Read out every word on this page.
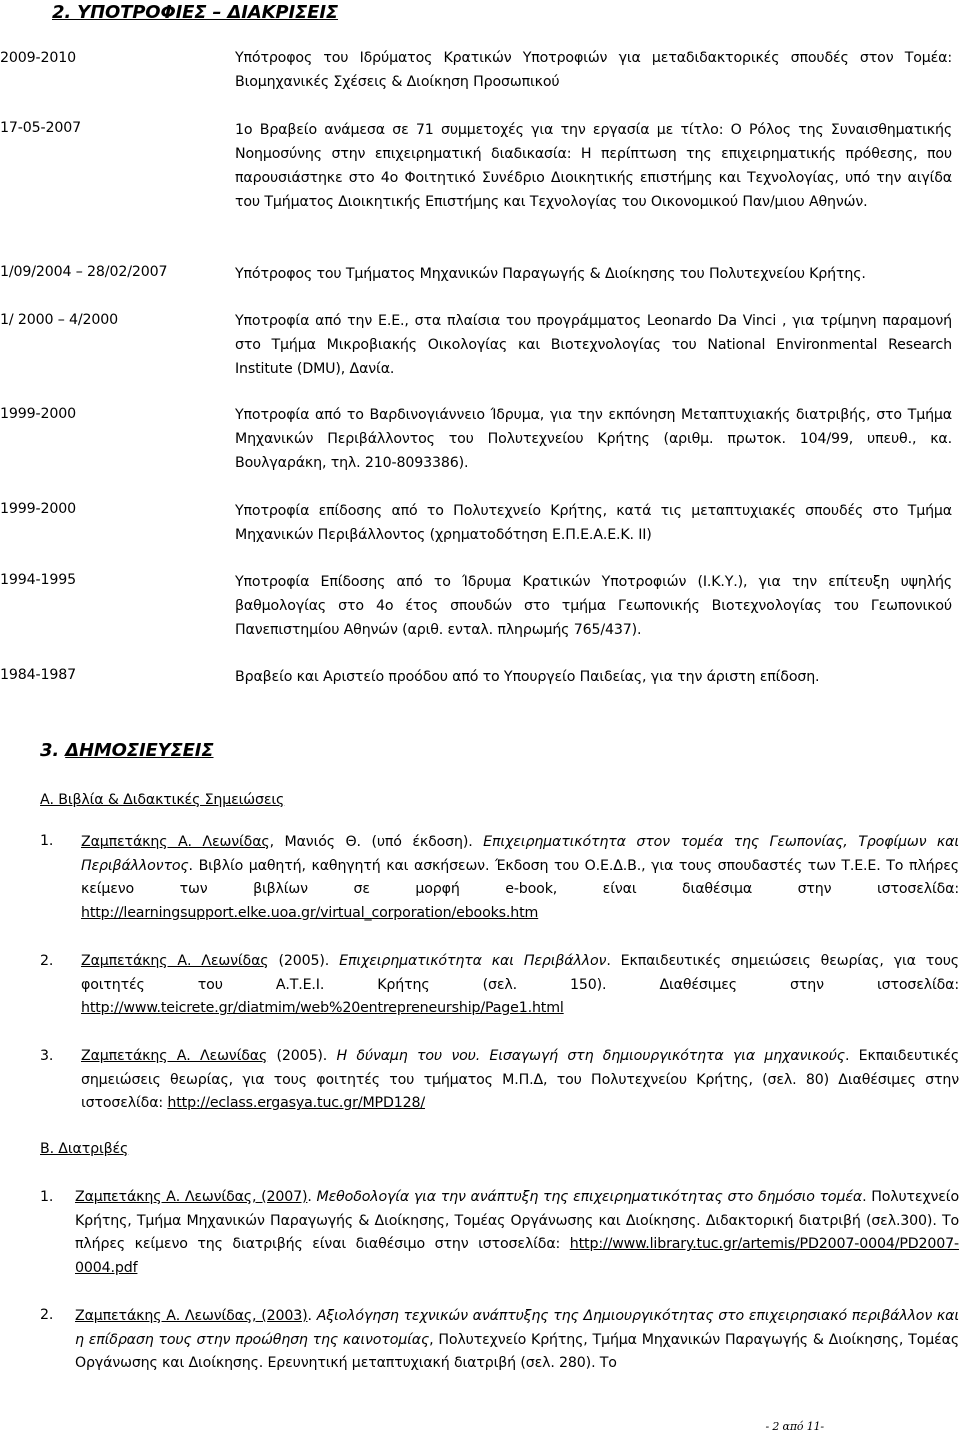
2. ΥΠΟΤΡΟΦΙΕΣ – ΔΙΑΚΡΙΣΕΙΣ
2009-2010	Υπότροφος του Ιδρύματος Κρατικών Υποτροφιών για μεταδιδακτορικές σπουδές στον Τομέα: Βιομηχανικές Σχέσεις & Διοίκηση Προσωπικού
17-05-2007	1ο Βραβείο ανάμεσα σε 71 συμμετοχές για την εργασία με τίτλο: Ο Ρόλος της Συναισθηματικής Νοημοσύνης στην επιχειρηματική διαδικασία: Η περίπτωση της επιχειρηματικής πρόθεσης, που παρουσιάστηκε στο 4ο Φοιτητικό Συνέδριο Διοικητικής επιστήμης και Τεχνολογίας, υπό την αιγίδα του Τμήματος Διοικητικής Επιστήμης και Τεχνολογίας του Οικονομικού Παν/μιου Αθηνών.
1/09/2004 – 28/02/2007	Υπότροφος του Τμήματος Μηχανικών Παραγωγής & Διοίκησης του Πολυτεχνείου Κρήτης.
1/ 2000 – 4/2000	Υποτροφία από την Ε.Ε., στα πλαίσια του προγράμματος Leonardo Da Vinci , για τρίμηνη παραμονή στο Τμήμα Μικροβιακής Οικολογίας και Βιοτεχνολογίας του National Environmental Research Institute (DMU), Δανία.
1999-2000	Υποτροφία από το Βαρδινογιάννειο Ίδρυμα, για την εκπόνηση Μεταπτυχιακής διατριβής, στο Τμήμα Μηχανικών Περιβάλλοντος του Πολυτεχνείου Κρήτης (αριθμ. πρωτοκ. 104/99, υπευθ., κα. Βουλγαράκη, τηλ. 210-8093386).
1999-2000	Υποτροφία επίδοσης από το Πολυτεχνείο Κρήτης, κατά τις μεταπτυχιακές σπουδές στο Τμήμα Μηχανικών Περιβάλλοντος (χρηματοδότηση Ε.Π.Ε.Α.Ε.Κ. ΙΙ)
1994-1995	Υποτροφία Επίδοσης από το Ίδρυμα Κρατικών Υποτροφιών (Ι.Κ.Υ.), για την επίτευξη υψηλής βαθμολογίας στο 4ο έτος σπουδών στο τμήμα Γεωπονικής Βιοτεχνολογίας του Γεωπονικού Πανεπιστημίου Αθηνών (αριθ. ενταλ. πληρωμής 765/437).
1984-1987	Βραβείο και Αριστείο προόδου από το Υπουργείο Παιδείας, για την άριστη επίδοση.
3. ΔΗΜΟΣΙΕΥΣΕΙΣ
Α. Βιβλία & Διδακτικές Σημειώσεις
1. Ζαμπετάκης Α. Λεωνίδας, Μανιός Θ. (υπό έκδοση). Επιχειρηματικότητα στον τομέα της Γεωπονίας, Τροφίμων και Περιβάλλοντος. Βιβλίο μαθητή, καθηγητή και ασκήσεων. Έκδοση του Ο.Ε.Δ.Β., για τους σπουδαστές των Τ.Ε.Ε. Το πλήρες κείμενο των βιβλίων σε μορφή e-book, είναι διαθέσιμα στην ιστοσελίδα: http://learningsupport.elke.uoa.gr/virtual_corporation/ebooks.htm
2. Ζαμπετάκης Α. Λεωνίδας (2005). Επιχειρηματικότητα και Περιβάλλον. Εκπαιδευτικές σημειώσεις θεωρίας, για τους φοιτητές του Α.Τ.Ε.Ι. Κρήτης (σελ. 150). Διαθέσιμες στην ιστοσελίδα: http://www.teicrete.gr/diatmim/web%20entrepreneurship/Page1.html
3. Ζαμπετάκης Α. Λεωνίδας (2005). Η δύναμη του νου. Εισαγωγή στη δημιουργικότητα για μηχανικούς. Εκπαιδευτικές σημειώσεις θεωρίας, για τους φοιτητές του τμήματος Μ.Π.Δ, του Πολυτεχνείου Κρήτης, (σελ. 80) Διαθέσιμες στην ιστοσελίδα: http://eclass.ergasya.tuc.gr/MPD128/
Β. Διατριβές
1. Ζαμπετάκης Α. Λεωνίδας, (2007). Μεθοδολογία για την ανάπτυξη της επιχειρηματικότητας στο δημόσιο τομέα. Πολυτεχνείο Κρήτης, Τμήμα Μηχανικών Παραγωγής & Διοίκησης, Τομέας Οργάνωσης και Διοίκησης. Διδακτορική διατριβή (σελ.300). Το πλήρες κείμενο της διατριβής είναι διαθέσιμο στην ιστοσελίδα: http://www.library.tuc.gr/artemis/PD2007-0004/PD2007-0004.pdf
2. Ζαμπετάκης Α. Λεωνίδας, (2003). Αξιολόγηση τεχνικών ανάπτυξης της Δημιουργικότητας στο επιχειρησιακό περιβάλλον και η επίδραση τους στην προώθηση της καινοτομίας, Πολυτεχνείο Κρήτης, Τμήμα Μηχανικών Παραγωγής & Διοίκησης, Τομέας Οργάνωσης και Διοίκησης. Ερευνητική μεταπτυχιακή διατριβή (σελ. 280). Το
- 2 από 11-
